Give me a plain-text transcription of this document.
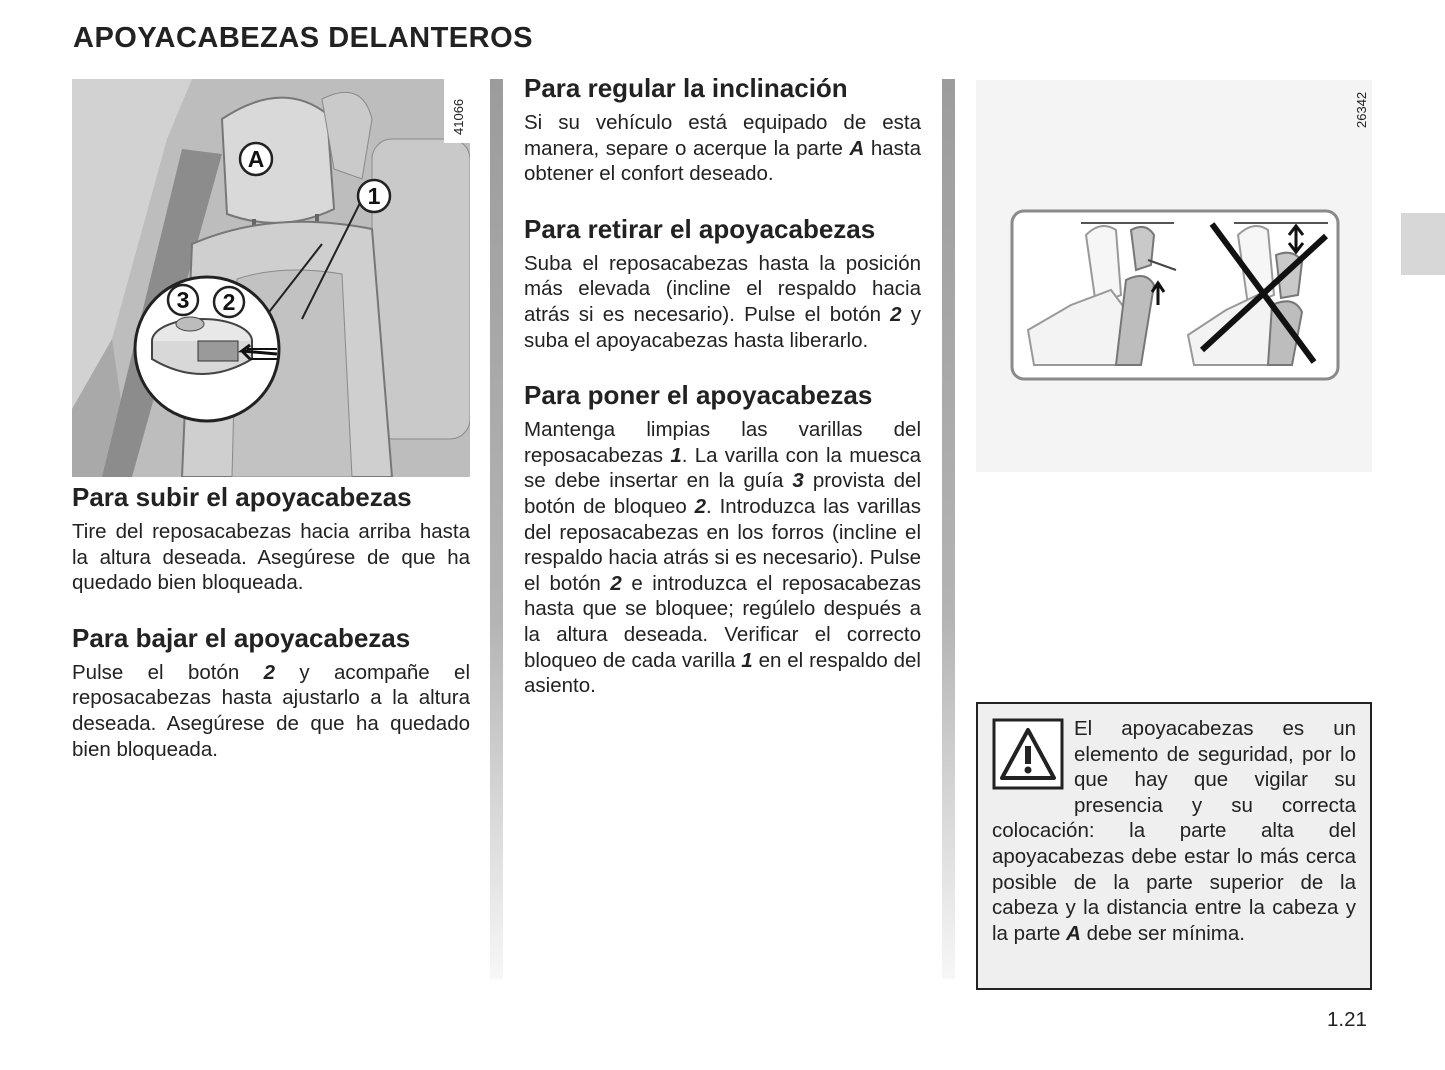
APOYACABEZAS DELANTEROS
A
1
3 2
41066
Para subir el apoyacabezas

Tire del reposacabezas hacia arriba hasta la altura deseada. Asegúrese de que ha quedado bien bloqueada.

Para bajar el apoyacabezas

Pulse el botón 2 y acompañe el reposacabezas hasta ajustarlo a la altura deseada. Asegúrese de que ha quedado bien bloqueada.

Para regular la inclinación

Si su vehículo está equipado de esta manera, separe o acerque la parte A hasta obtener el confort deseado.

Para retirar el apoyacabezas

Suba el reposacabezas hasta la posición más elevada (incline el respaldo hacia atrás si es necesario). Pulse el botón 2 y suba el apoyacabezas hasta liberarlo.

Para poner el apoyacabezas

Mantenga limpias las varillas del reposacabezas 1. La varilla con la muesca se debe insertar en la guía 3 provista del botón de bloqueo 2. Introduzca las varillas del reposacabezas en los forros (incline el respaldo hacia atrás si es necesario). Pulse el botón 2 e introduzca el reposacabezas hasta que se bloquee; regúlelo después a la altura deseada. Verificar el correcto bloqueo de cada varilla 1 en el respaldo del asiento.

26342

El apoyacabezas es un elemento de seguridad, por lo que hay que vigilar su presencia y su correcta colocación: la parte alta del apoyacabezas debe estar lo más cerca posible de la parte superior de la cabeza y la distancia entre la cabeza y la parte A debe ser mínima.

1.21
